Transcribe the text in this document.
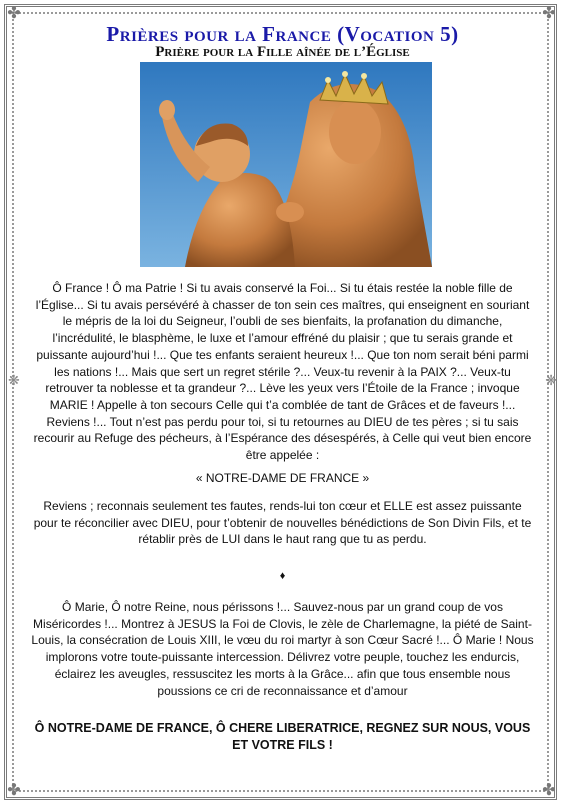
✤	✤
✤	✤
❋	❋
Prières pour la France (Vocation 5)
Prière pour la Fille aînée de l’Église
Ô France ! Ô ma Patrie ! Si tu avais conservé la Foi... Si tu étais restée la noble fille de l’Église... Si tu avais persévéré à chasser de ton sein ces maîtres, qui enseignent en souriant le mépris de la loi du Seigneur, l’oubli de ses bienfaits, la profanation du dimanche, l’incrédulité, le blasphème, le luxe et l’amour effréné du plaisir ; que tu serais grande et puissante aujourd’hui !... Que tes enfants seraient heureux !... Que ton nom serait béni parmi les nations !... Mais que sert un regret stérile ?... Veux-tu revenir à la PAIX ?... Veux-tu retrouver ta noblesse et ta grandeur ?... Lève les yeux vers l’Étoile de la France ; invoque MARIE ! Appelle à ton secours Celle qui t’a comblée de tant de Grâces et de faveurs !... Reviens !... Tout n’est pas perdu pour toi, si tu retournes au DIEU de tes pères ; si tu sais recourir au Refuge des pécheurs, à l’Espérance des désespérés, à Celle qui veut bien encore être appelée :
« NOTRE-DAME DE FRANCE »
Reviens ; reconnais seulement tes fautes, rends-lui ton cœur et ELLE est assez puissante pour te réconcilier avec DIEU, pour t’obtenir de nouvelles bénédictions de Son Divin Fils, et te rétablir près de LUI dans le haut rang que tu as perdu.
♦
Ô Marie, Ô notre Reine, nous périssons !... Sauvez-nous par un grand coup de vos Miséricordes !... Montrez à JESUS la Foi de Clovis, le zèle de Charlemagne, la piété de Saint-Louis, la consécration de Louis XIII, le vœu du roi martyr à son Cœur Sacré !... Ô Marie ! Nous implorons votre toute-puissante intercession. Délivrez votre peuple, touchez les endurcis, éclairez les aveugles, ressuscitez les morts à la Grâce... afin que tous ensemble nous poussions ce cri de reconnaissance et d’amour
Ô NOTRE-DAME DE FRANCE, Ô CHERE LIBERATRICE, REGNEZ SUR NOUS, VOUS ET VOTRE FILS !
